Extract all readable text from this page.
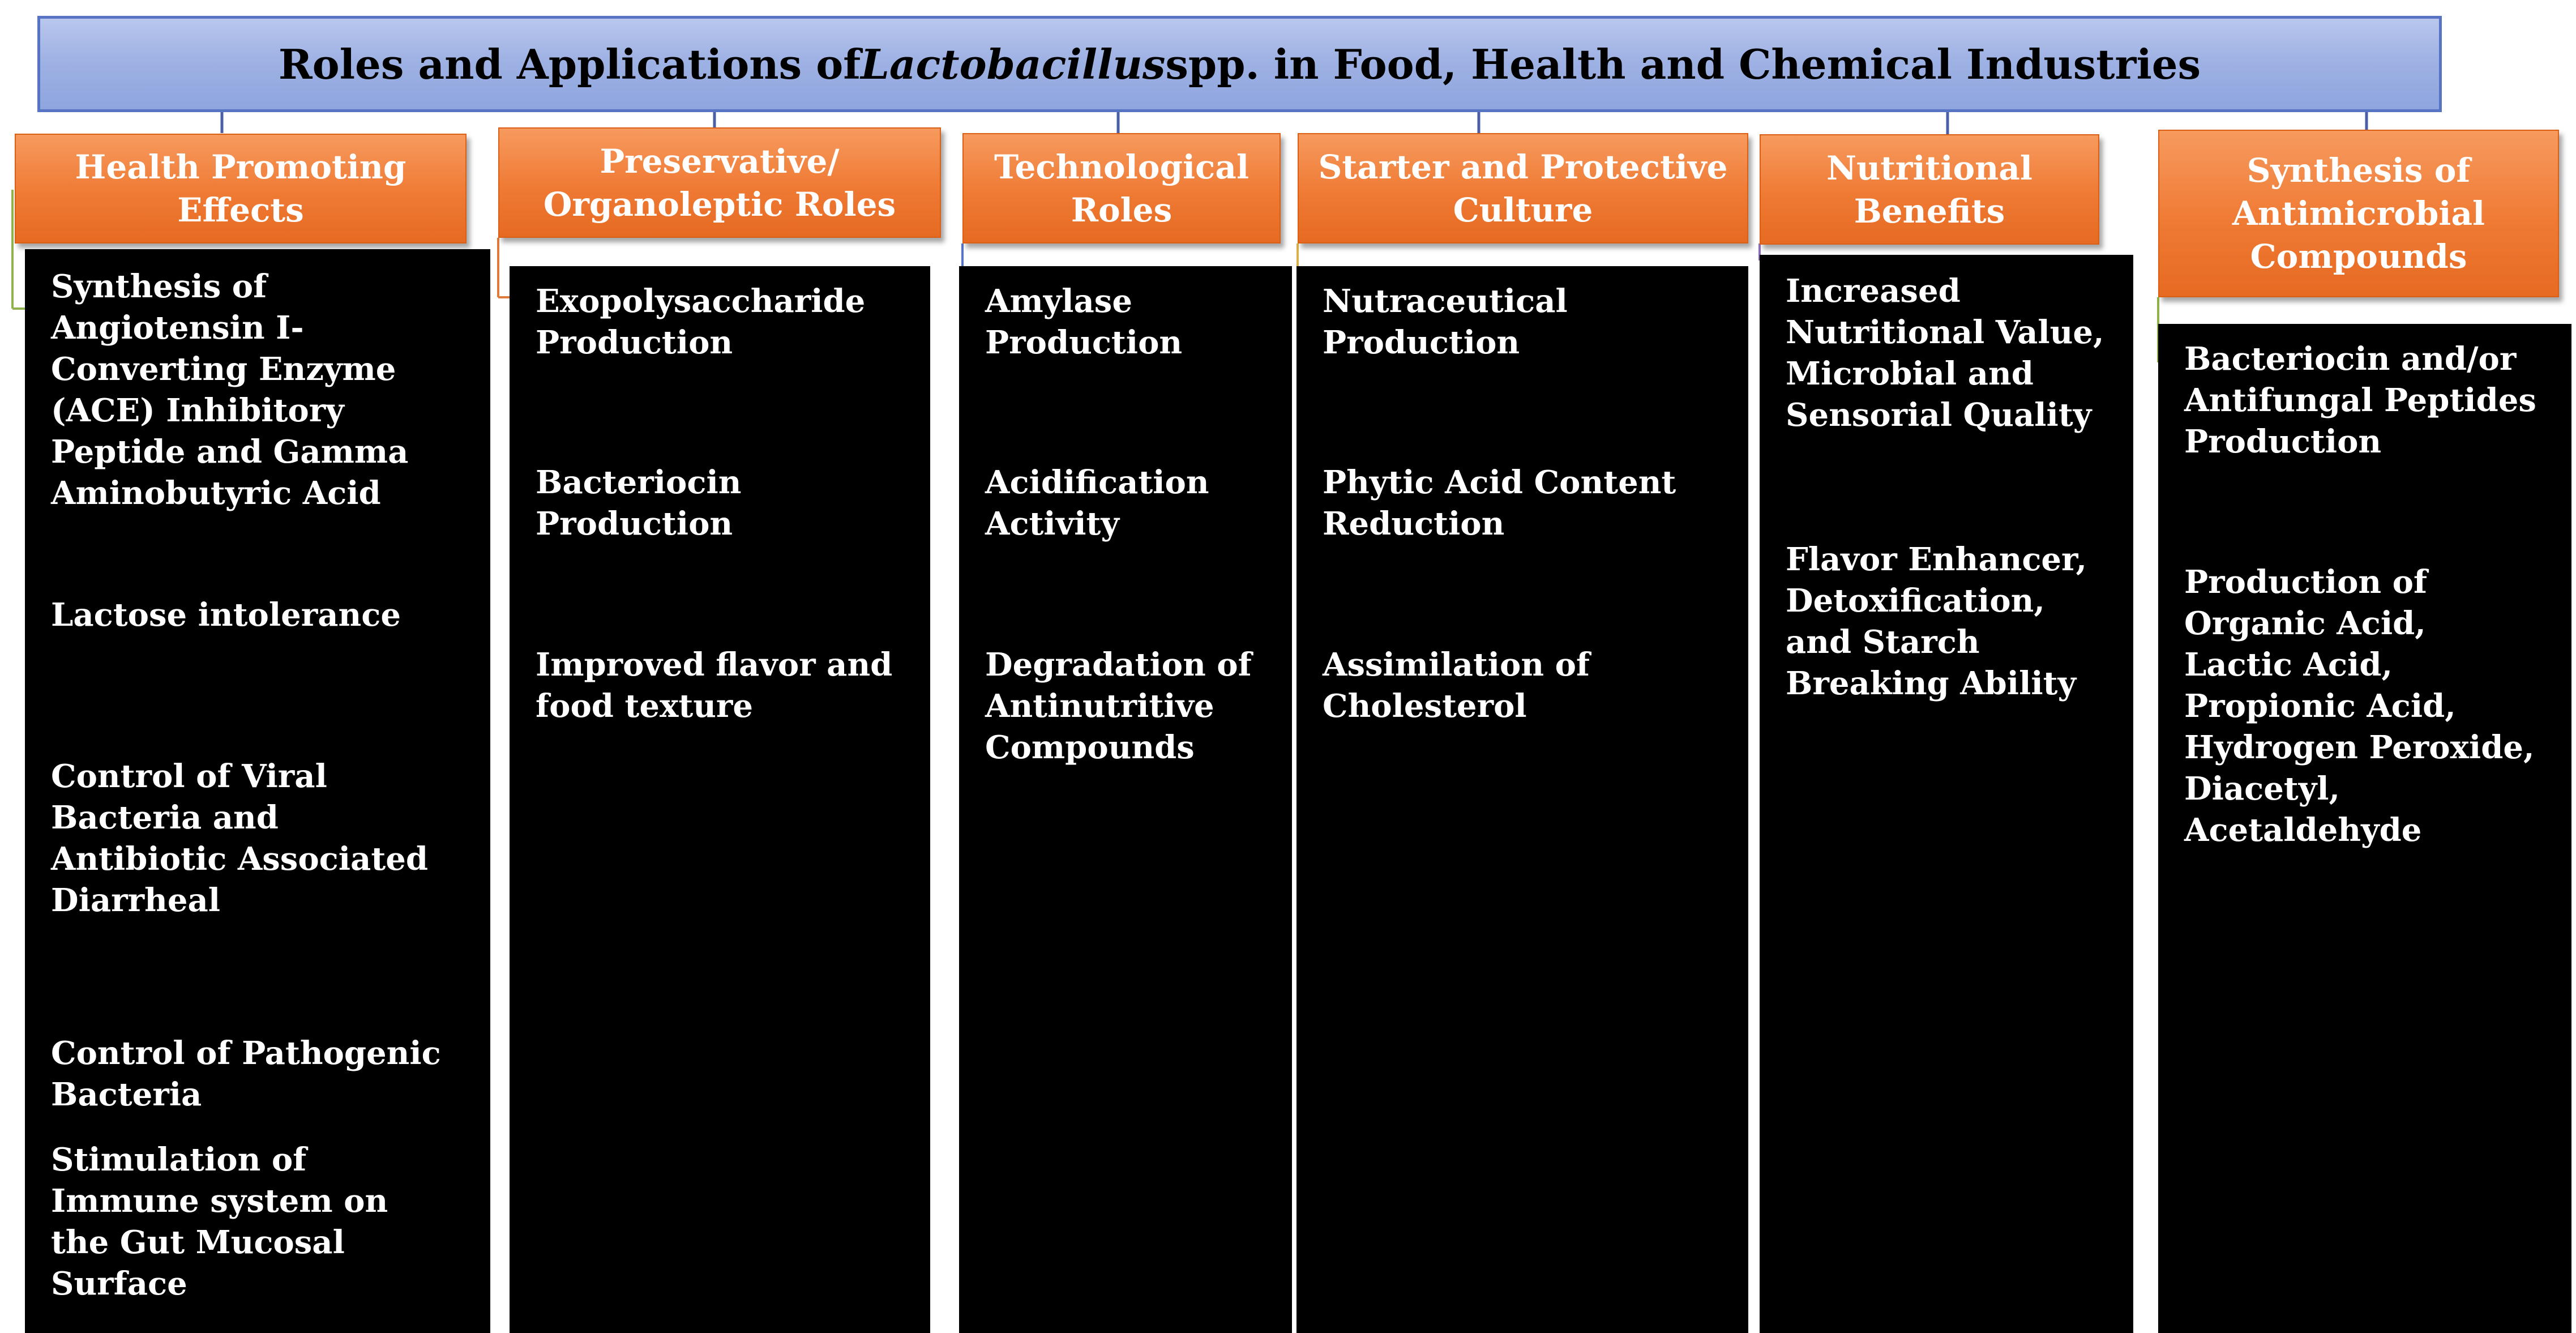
Roles and Applications of Lactobacillus spp. in Food, Health and Chemical Industries
Health Promoting
Effects
Synthesis of
Angiotensin I-
Converting Enzyme
(ACE) Inhibitory
Peptide and Gamma
Aminobutyric Acid
Lactose intolerance
Control of Viral
Bacteria and
Antibiotic Associated
Diarrheal
Control of Pathogenic
Bacteria
Stimulation of
Immune system on
the Gut Mucosal
Surface
Preservative/
Organoleptic Roles
Exopolysaccharide
Production
Bacteriocin
Production
Improved flavor and
food texture
Technological
Roles
Amylase
Production
Acidification
Activity
Degradation of
Antinutritive
Compounds
Starter and Protective
Culture
Nutraceutical
Production
Phytic Acid Content
Reduction
Assimilation of
Cholesterol
Nutritional
Benefits
Increased
Nutritional Value,
Microbial and
Sensorial Quality
Flavor Enhancer,
Detoxification,
and Starch
Breaking Ability
Synthesis of
Antimicrobial
Compounds
Bacteriocin and/or
Antifungal Peptides
Production
Production of
Organic Acid,
Lactic Acid,
Propionic Acid,
Hydrogen Peroxide,
Diacetyl,
Acetaldehyde
